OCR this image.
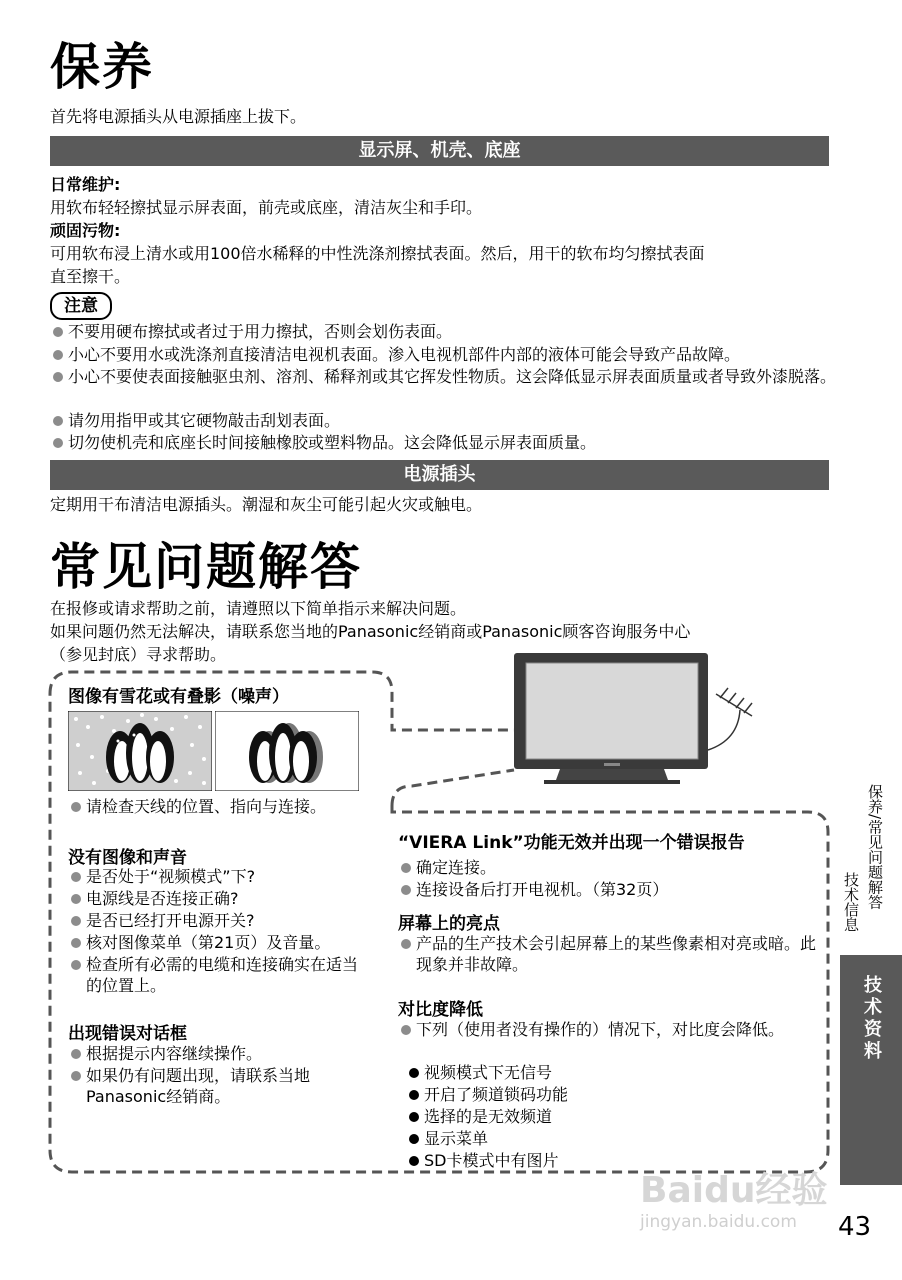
保养
首先将电源插头从电源插座上拔下。
显示屏、机壳、底座
日常维护:
用软布轻轻擦拭显示屏表面，前壳或底座，清洁灰尘和手印。
顽固污物:
可用软布浸上清水或用100倍水稀释的中性洗涤剂擦拭表面。然后，用干的软布均匀擦拭表面
直至擦干。
注意
不要用硬布擦拭或者过于用力擦拭，否则会划伤表面。
小心不要用水或洗涤剂直接清洁电视机表面。渗入电视机部件内部的液体可能会导致产品故障。
小心不要使表面接触驱虫剂、溶剂、稀释剂或其它挥发性物质。这会降低显示屏表面质量或者导致外漆脱落。
请勿用指甲或其它硬物敲击刮划表面。
切勿使机壳和底座长时间接触橡胶或塑料物品。这会降低显示屏表面质量。
电源插头
定期用干布清洁电源插头。潮湿和灰尘可能引起火灾或触电。
常见问题解答
在报修或请求帮助之前，请遵照以下简单指示来解决问题。
如果问题仍然无法解决，请联系您当地的Panasonic经销商或Panasonic顾客咨询服务中心
（参见封底）寻求帮助。
图像有雪花或有叠影（噪声）
请检查天线的位置、指向与连接。
没有图像和声音
是否处于“视频模式”下?
电源线是否连接正确?
是否已经打开电源开关?
核对图像菜单（第21页）及音量。
检查所有必需的电缆和连接确实在适当的位置上。
出现错误对话框
根据提示内容继续操作。
如果仍有问题出现，请联系当地Panasonic经销商。
“VIERA Link”功能无效并出现一个错误报告
确定连接。
连接设备后打开电视机。（第32页）
屏幕上的亮点
产品的生产技术会引起屏幕上的某些像素相对亮或暗。此现象并非故障。
对比度降低
下列（使用者没有操作的）情况下，对比度会降低。
视频模式下无信号
开启了频道锁码功能
选择的是无效频道
显示菜单
SD卡模式中有图片
保养/常见问题解答
技术信息
技术资料
Baidu经验
jingyan.baidu.com 43
